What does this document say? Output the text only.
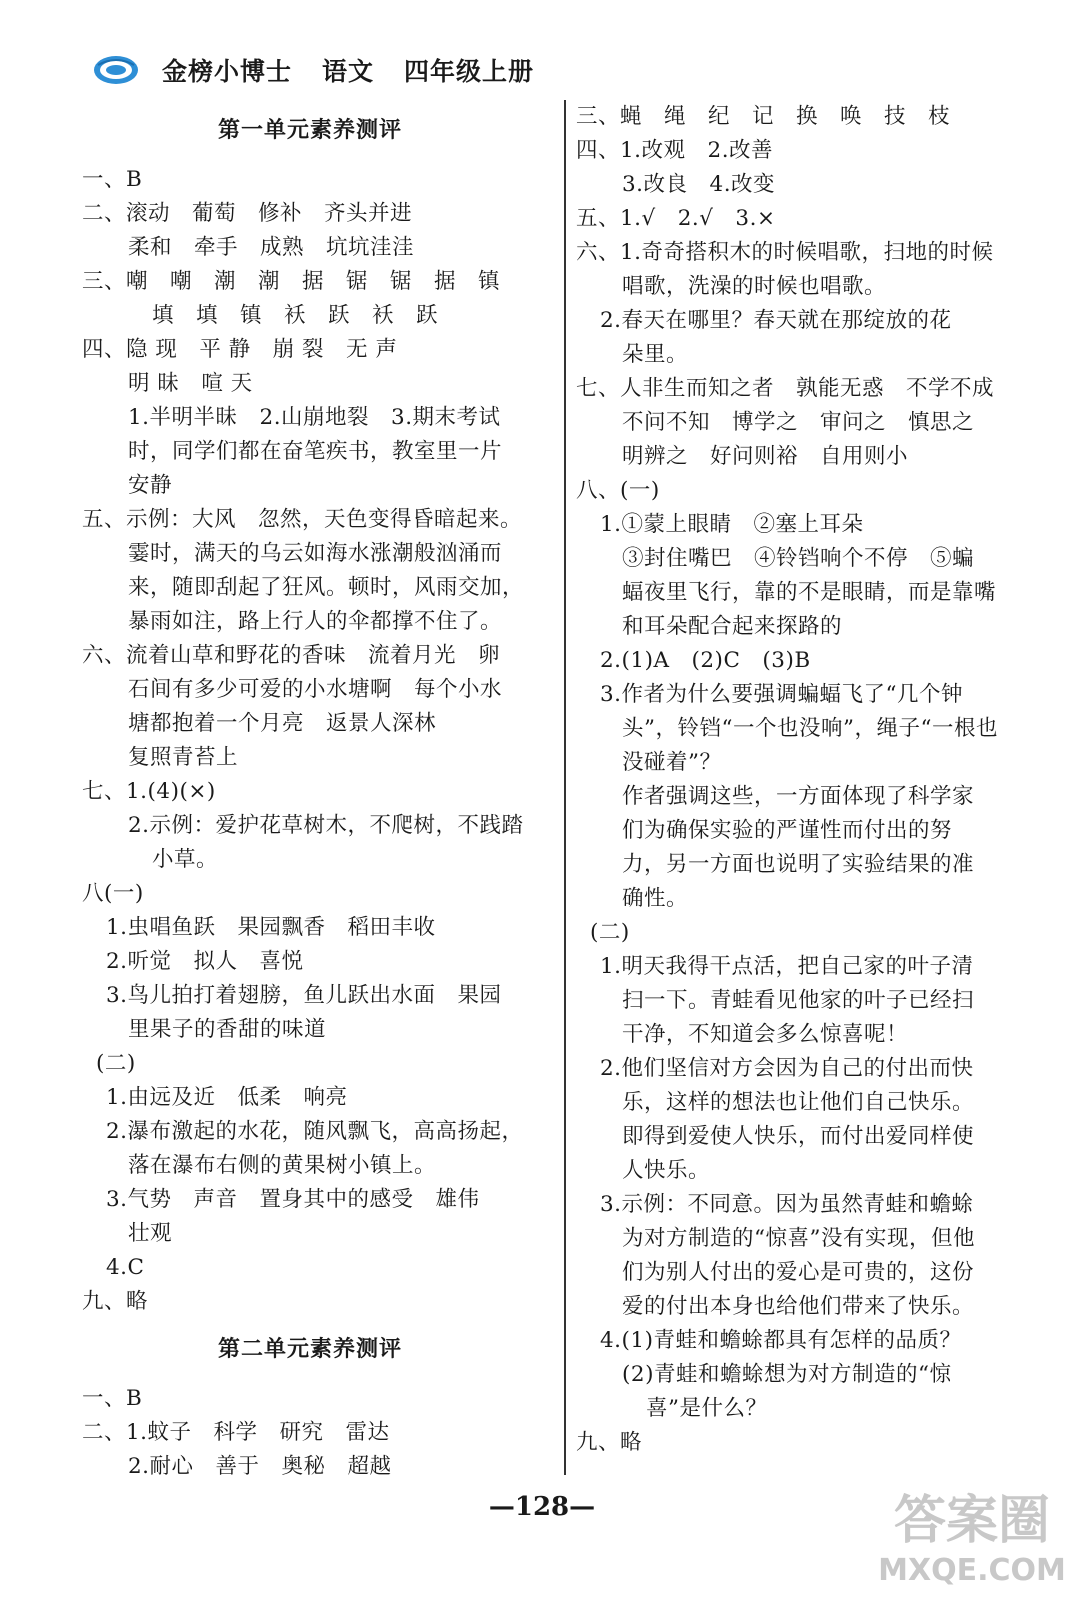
金榜小博士 语文 四年级上册
第一单元素养测评
一、B
二、滚动　葡萄　修补　齐头并进
柔和　牵手　成熟　坑坑洼洼
三、嘲　嘲　潮　潮　据　锯　锯　据　镇
填　填　镇　袄　跃　袄　跃
四、隐 现　平 静　崩 裂　无 声
明 昧　喧 天
1.半明半昧　2.山崩地裂　3.期末考试
时，同学们都在奋笔疾书，教室里一片
安静
五、示例：大风　忽然，天色变得昏暗起来。
霎时，满天的乌云如海水涨潮般汹涌而
来，随即刮起了狂风。顿时，风雨交加，
暴雨如注，路上行人的伞都撑不住了。
六、流着山草和野花的香味　流着月光　卵
石间有多少可爱的小水塘啊　每个小水
塘都抱着一个月亮　返景人深林
复照青苔上
七、1.(4)(×)
2.示例：爱护花草树木，不爬树，不践踏
小草。
八(一)
1.虫唱鱼跃　果园飘香　稻田丰收
2.听觉　拟人　喜悦
3.鸟儿拍打着翅膀，鱼儿跃出水面　果园
里果子的香甜的味道
(二)
1.由远及近　低柔　响亮
2.瀑布激起的水花，随风飘飞，高高扬起，
落在瀑布右侧的黄果树小镇上。
3.气势　声音　置身其中的感受　雄伟
壮观
4.C
九、略
第二单元素养测评
一、B
二、1.蚊子　科学　研究　雷达
2.耐心　善于　奥秘　超越
三、蝇　绳　纪　记　换　唤　技　枝
四、1.改观　2.改善
3.改良　4.改变
五、1.√　2.√　3.×
六、1.奇奇搭积木的时候唱歌，扫地的时候
唱歌，洗澡的时候也唱歌。
2.春天在哪里？春天就在那绽放的花
朵里。
七、人非生而知之者　孰能无惑　不学不成
不问不知　博学之　审问之　慎思之
明辨之　好问则裕　自用则小
八、(一)
1.①蒙上眼睛　②塞上耳朵
③封住嘴巴　④铃铛响个不停　⑤蝙
蝠夜里飞行，靠的不是眼睛，而是靠嘴
和耳朵配合起来探路的
2.(1)A　(2)C　(3)B
3.作者为什么要强调蝙蝠飞了“几个钟
头”，铃铛“一个也没响”，绳子“一根也
没碰着”？
作者强调这些，一方面体现了科学家
们为确保实验的严谨性而付出的努
力，另一方面也说明了实验结果的准
确性。
(二)
1.明天我得干点活，把自己家的叶子清
扫一下。青蛙看见他家的叶子已经扫
干净，不知道会多么惊喜呢！
2.他们坚信对方会因为自己的付出而快
乐，这样的想法也让他们自己快乐。
即得到爱使人快乐，而付出爱同样使
人快乐。
3.示例：不同意。因为虽然青蛙和蟾蜍
为对方制造的“惊喜”没有实现，但他
们为别人付出的爱心是可贵的，这份
爱的付出本身也给他们带来了快乐。
4.(1)青蛙和蟾蜍都具有怎样的品质？
(2)青蛙和蟾蜍想为对方制造的“惊
喜”是什么？
九、略
—128—	答案圈
MXQE.COM
